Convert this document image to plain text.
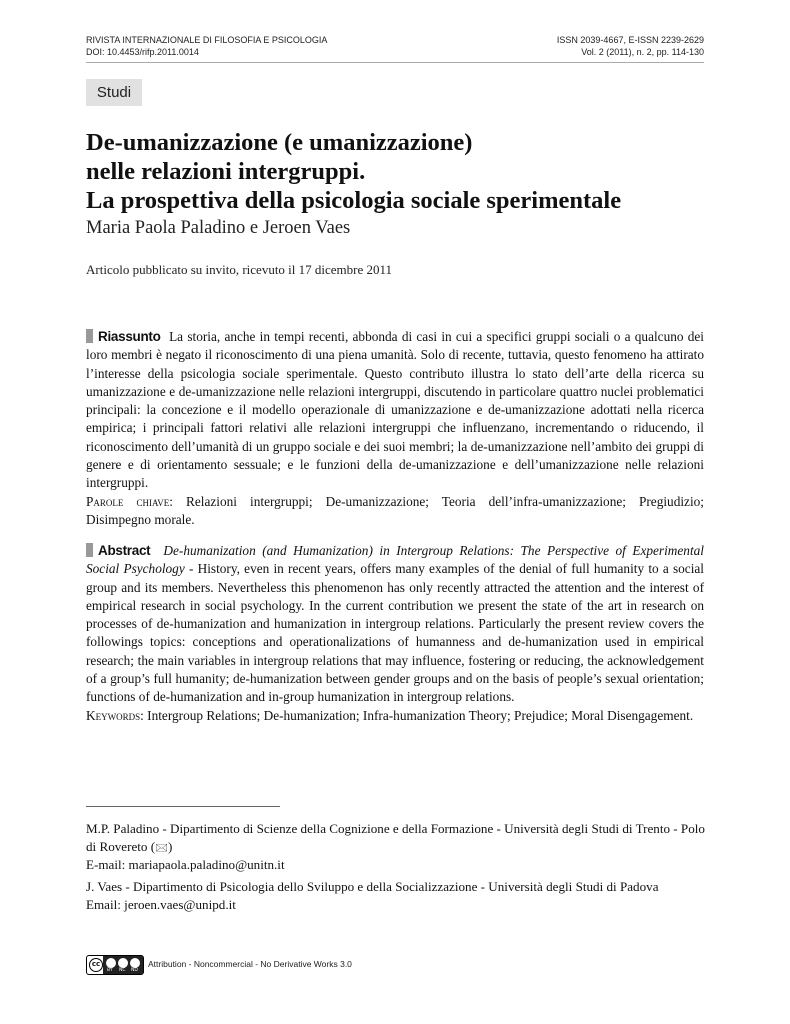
RIVISTA INTERNAZIONALE DI FILOSOFIA E PSICOLOGIA
DOI: 10.4453/rifp.2011.0014
ISSN 2039-4667, E-ISSN 2239-2629
Vol. 2 (2011), n. 2, pp. 114-130
Studi
De-umanizzazione (e umanizzazione)
nelle relazioni intergruppi.
La prospettiva della psicologia sociale sperimentale
Maria Paola Paladino e Jeroen Vaes
Articolo pubblicato su invito, ricevuto il 17 dicembre 2011
Riassunto La storia, anche in tempi recenti, abbonda di casi in cui a specifici gruppi sociali o a qualcuno dei loro membri è negato il riconoscimento di una piena umanità. Solo di recente, tuttavia, questo fenomeno ha attirato l’interesse della psicologia sociale sperimentale. Questo contributo illustra lo stato dell’arte della ricerca su umanizzazione e de-umanizzazione nelle relazioni intergruppi, discutendo in particolare quattro nuclei problematici principali: la concezione e il modello operazionale di umanizzazione e de-umanizzazione adottati nella ricerca empirica; i principali fattori relativi alle relazioni intergruppi che influenzano, incrementando o riducendo, il riconoscimento dell’umanità di un gruppo sociale e dei suoi membri; la de-umanizzazione nell’ambito dei gruppi di genere e di orientamento sessuale; e le funzioni della de-umanizzazione e dell’umanizzazione nelle relazioni intergruppi.
Parole chiave: Relazioni intergruppi; De-umanizzazione; Teoria dell’infra-umanizzazione; Pregiudizio; Disimpegno morale.
Abstract De-humanization (and Humanization) in Intergroup Relations: The Perspective of Experimental Social Psychology - History, even in recent years, offers many examples of the denial of full humanity to a social group and its members. Nevertheless this phenomenon has only recently attracted the attention and the interest of empirical research in social psychology. In the current contribution we present the state of the art in research on processes of de-humanization and humanization in intergroup relations. Particularly the present review covers the followings topics: conceptions and operationalizations of humanness and de-humanization used in empirical research; the main variables in intergroup relations that may influence, fostering or reducing, the acknowledgement of a group’s full humanity; de-humanization between gender groups and on the basis of people’s sexual orientation; functions of de-humanization and in-group humanization in intergroup relations.
Keywords: Intergroup Relations; De-humanization; Infra-humanization Theory; Prejudice; Moral Disengagement.
M.P. Paladino - Dipartimento di Scienze della Cognizione e della Formazione - Università degli Studi di Trento - Polo di Rovereto (🖂)
E-mail: mariapaola.paladino@unitn.it
J. Vaes - Dipartimento di Psicologia dello Sviluppo e della Socializzazione - Università degli Studi di Padova
Email: jeroen.vaes@unipd.it
cc
BY NC ND
Attribution - Noncommercial - No Derivative Works 3.0
